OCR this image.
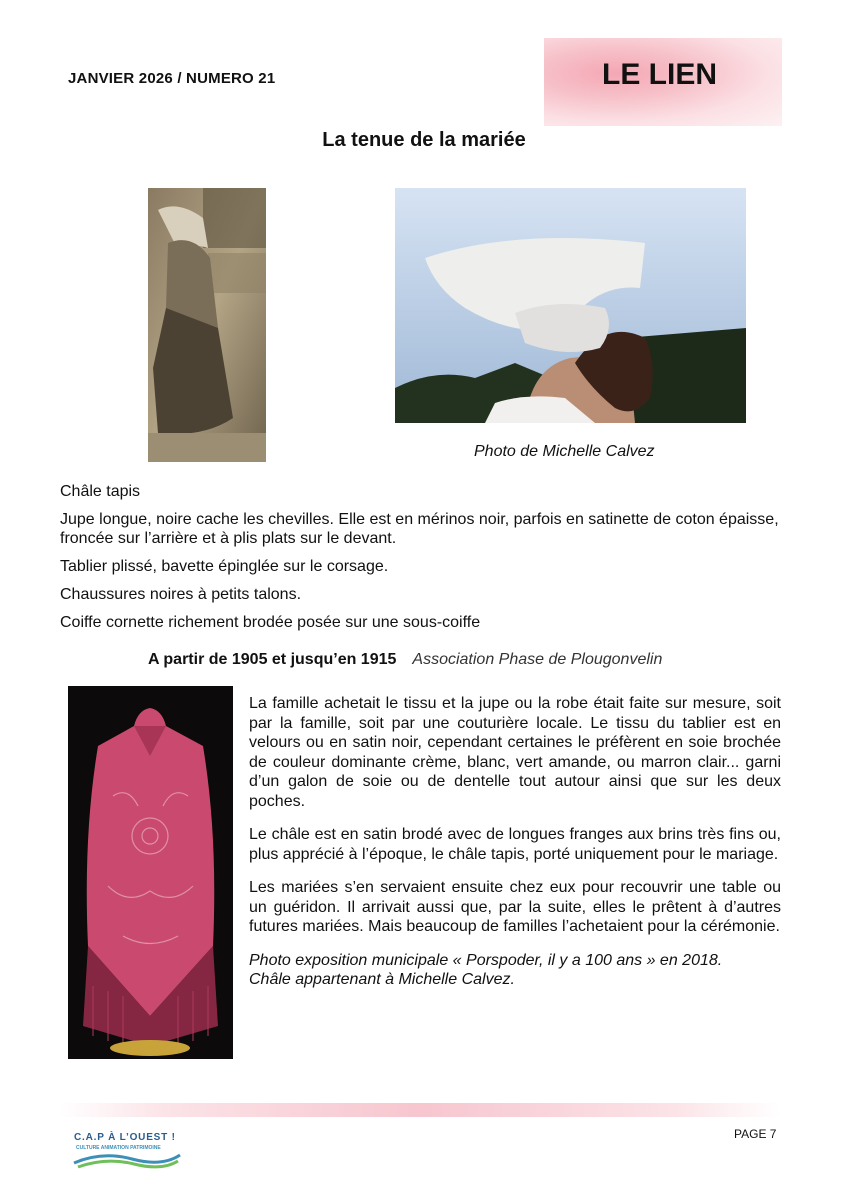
JANVIER 2026 / NUMERO 21	LE LIEN
La tenue de la mariée
Photo de Michelle Calvez

Châle tapis

Jupe longue, noire cache les chevilles. Elle est en mérinos noir, parfois en satinette de coton épaisse, froncée sur l’arrière et à plis plats sur le devant.

Tablier plissé, bavette épinglée sur le corsage.

Chaussures noires à petits talons.

Coiffe cornette richement brodée posée sur une sous-coiffe

A partir de 1905 et jusqu’en 1915 Association Phase de Plougonvelin

La famille achetait le tissu et la jupe ou la robe était faite sur mesure, soit par la famille, soit par une couturière locale. Le tissu du tablier est en velours ou en satin noir, cependant certaines le préfèrent en soie brochée de couleur dominante crème, blanc, vert amande, ou marron clair... garni d’un galon de soie ou de dentelle tout autour ainsi que sur les deux poches.

Le châle est en satin brodé avec de longues franges aux brins très fins ou, plus apprécié à l’époque, le châle tapis, porté uniquement pour le mariage.

Les mariées s’en servaient ensuite chez eux pour recouvrir une table ou un guéridon. Il arrivait aussi que, par la suite, elles le prêtent à d’autres futures mariées. Mais beaucoup de familles l’achetaient pour la cérémonie.

Photo exposition municipale « Porspoder, il y a 100 ans » en 2018.
Châle appartenant à Michelle Calvez.

C.A.P À L’OUEST !
CULTURE ANIMATION PATRIMOINE
PAGE 7
